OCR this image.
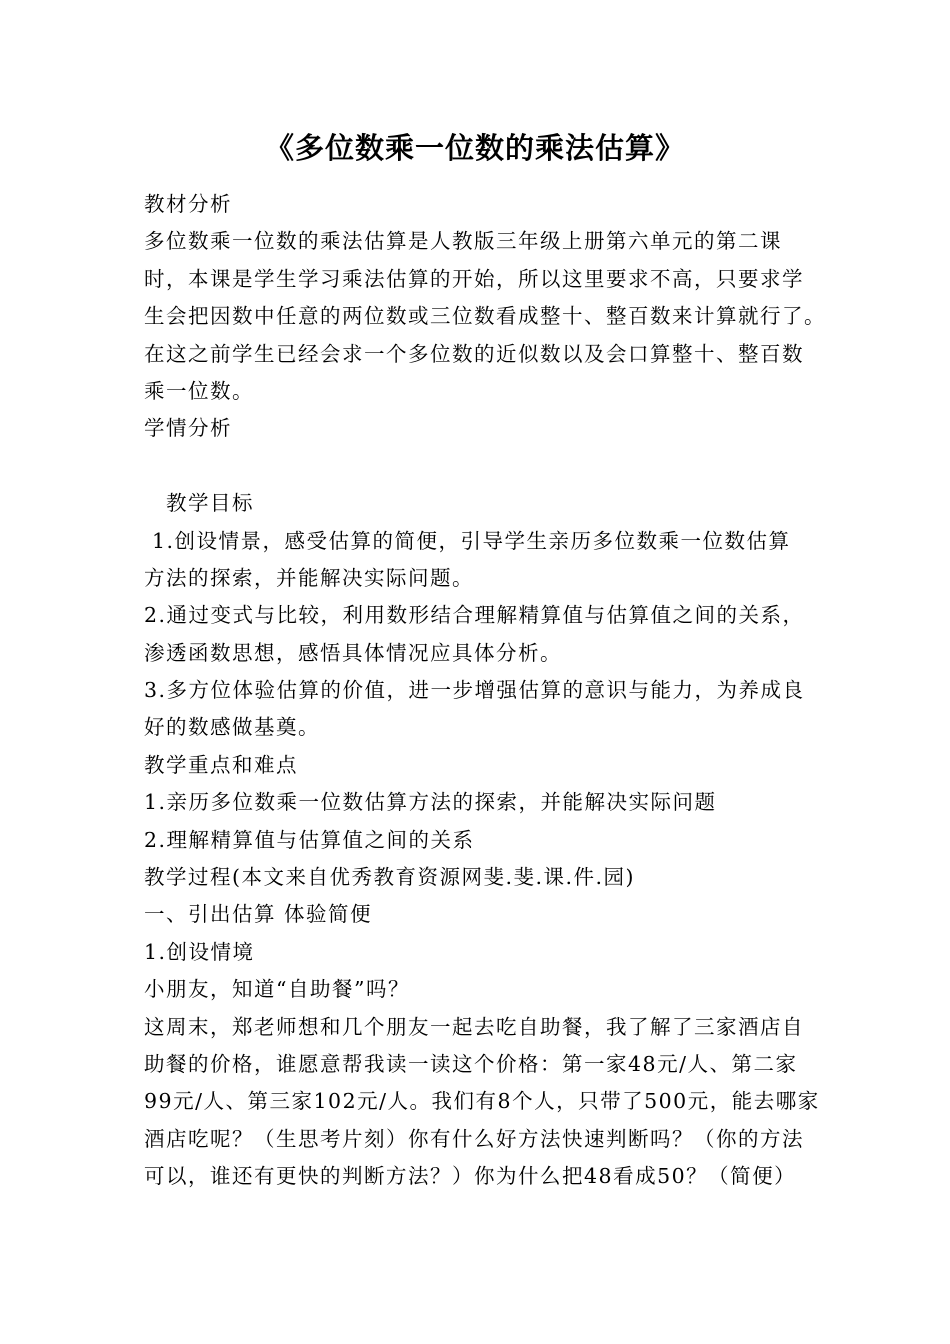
《多位数乘一位数的乘法估算》
教材分析
多位数乘一位数的乘法估算是人教版三年级上册第六单元的第二课
时，本课是学生学习乘法估算的开始，所以这里要求不高，只要求学
生会把因数中任意的两位数或三位数看成整十、整百数来计算就行了。
在这之前学生已经会求一个多位数的近似数以及会口算整十、整百数
乘一位数。
学情分析
教学目标
1.创设情景，感受估算的简便，引导学生亲历多位数乘一位数估算
方法的探索，并能解决实际问题。
2.通过变式与比较，利用数形结合理解精算值与估算值之间的关系，
渗透函数思想，感悟具体情况应具体分析。
3.多方位体验估算的价值，进一步增强估算的意识与能力，为养成良
好的数感做基奠。
教学重点和难点
1.亲历多位数乘一位数估算方法的探索，并能解决实际问题
2.理解精算值与估算值之间的关系
教学过程(本文来自优秀教育资源网斐.斐.课.件.园)
一、引出估算 体验简便
1.创设情境
小朋友，知道“自助餐”吗？
这周末，郑老师想和几个朋友一起去吃自助餐，我了解了三家酒店自
助餐的价格，谁愿意帮我读一读这个价格：第一家48元/人、第二家
99元/人、第三家102元/人。我们有8个人，只带了500元，能去哪家
酒店吃呢？（生思考片刻）你有什么好方法快速判断吗？（你的方法
可以，谁还有更快的判断方法？）你为什么把48看成50？（简便）
